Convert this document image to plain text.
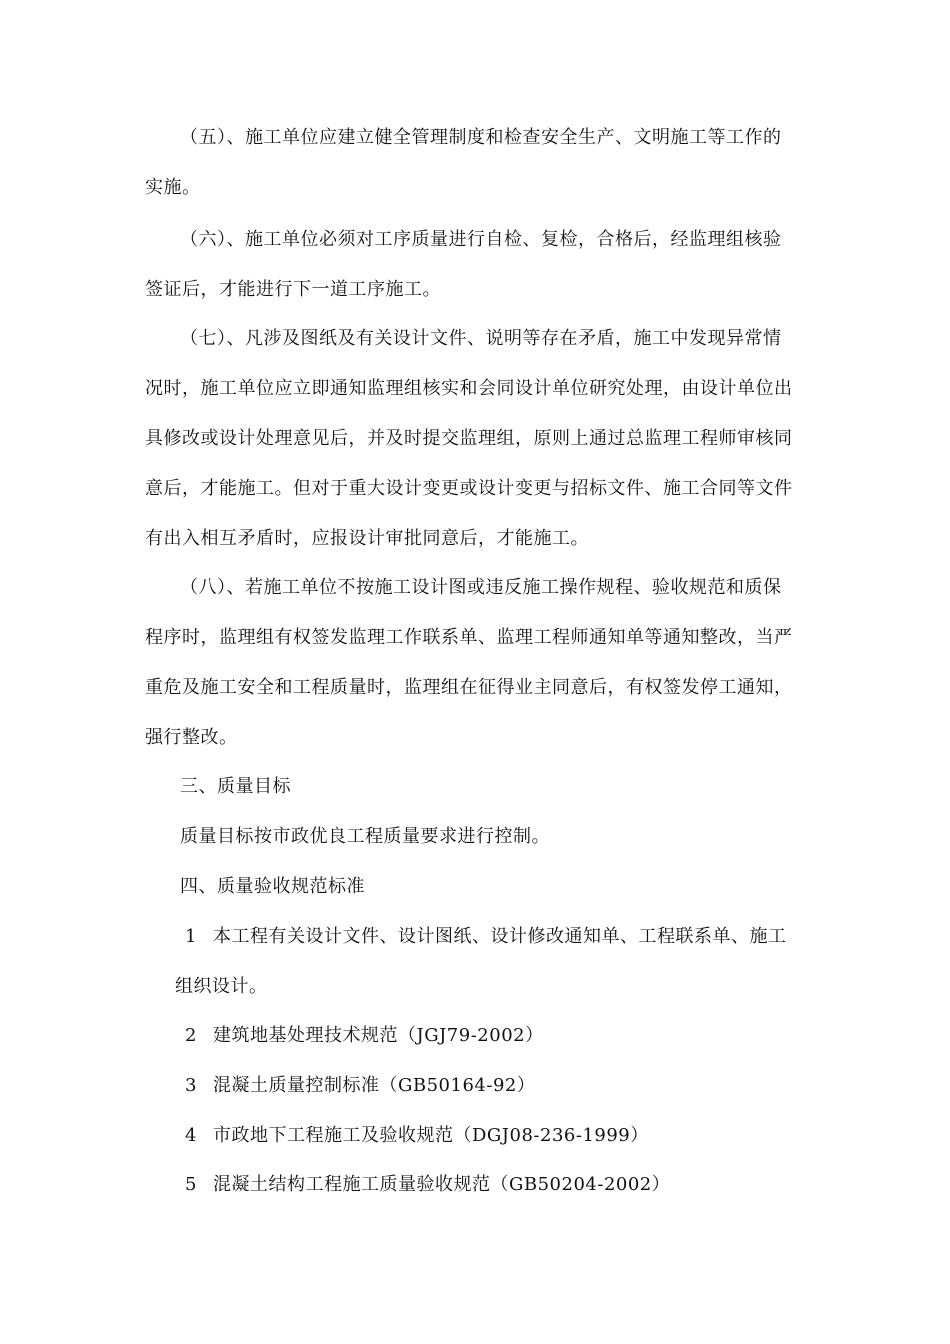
（五）、施工单位应建立健全管理制度和检查安全生产、文明施工等工作的
实施。
（六）、施工单位必须对工序质量进行自检、复检，合格后，经监理组核验
签证后，才能进行下一道工序施工。
（七）、凡涉及图纸及有关设计文件、说明等存在矛盾，施工中发现异常情
况时，施工单位应立即通知监理组核实和会同设计单位研究处理，由设计单位出
具修改或设计处理意见后，并及时提交监理组，原则上通过总监理工程师审核同
意后，才能施工。但对于重大设计变更或设计变更与招标文件、施工合同等文件
有出入相互矛盾时，应报设计审批同意后，才能施工。
（八）、若施工单位不按施工设计图或违反施工操作规程、验收规范和质保
程序时，监理组有权签发监理工作联系单、监理工程师通知单等通知整改，当严
重危及施工安全和工程质量时，监理组在征得业主同意后，有权签发停工通知，
强行整改。
三、质量目标
质量目标按市政优良工程质量要求进行控制。
四、质量验收规范标准
1 本工程有关设计文件、设计图纸、设计修改通知单、工程联系单、施工
组织设计。
2 建筑地基处理技术规范（JGJ79-2002）
3 混凝土质量控制标准（GB50164-92）
4 市政地下工程施工及验收规范（DGJ08-236-1999）
5 混凝土结构工程施工质量验收规范（GB50204-2002）
